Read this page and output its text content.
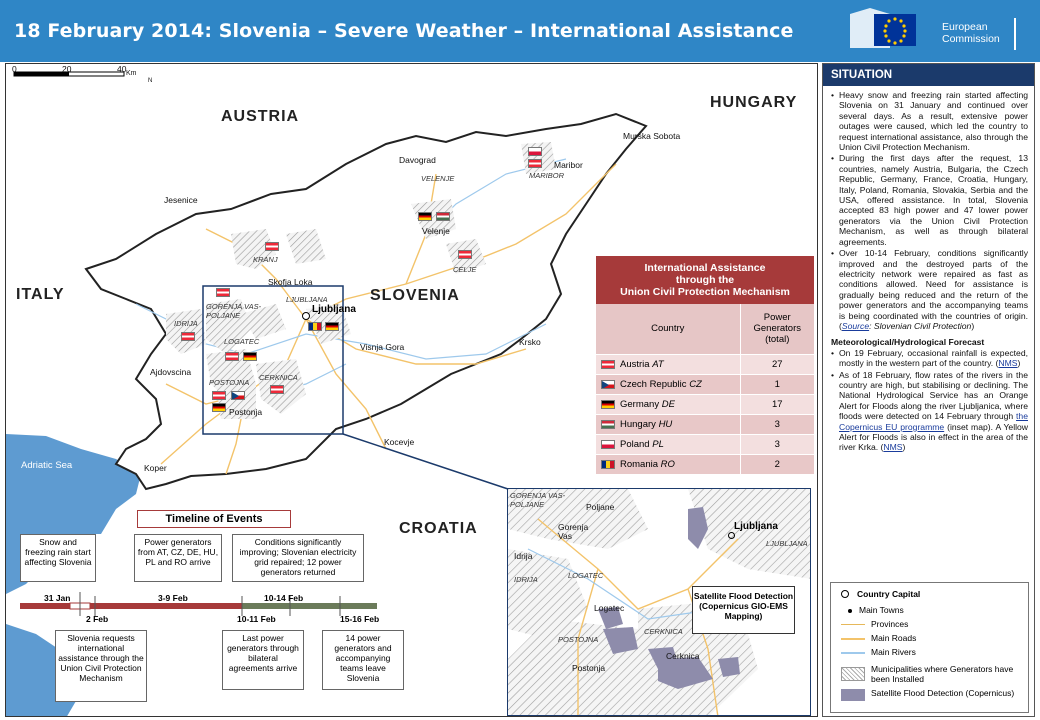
18 February 2014: Slovenia – Severe Weather – International Assistance	European
Commission
0	20	40 Km
N
AUSTRIA
HUNGARY
ITALY
CROATIA
SLOVENIA
Adriatic Sea
Ljubljana
Murska Sobota
Maribor
Davograd
Jesenice
Velenje
Skofja Loka
Visnja Gora	Krsko
Ajdovscina
Postonja
Kocevje
Koper
MARIBOR
VELENJE
KRANJ
CELJE
LJUBLJANA
GORENJA VAS-POLJANE
IDRIJA
LOGATEC
POSTOJNA
CERKNICA
International Assistance
through the
Union Civil Protection Mechanism
Country	Power Generators (total)

Austria AT	27

Czech Republic CZ	1

Germany DE	17

Hungary HU	3

Poland PL	3

Romania RO	2
Timeline of Events
31 Jan
2 Feb
3-9 Feb	10-14 Feb
10-11 Feb	15-16 Feb
Snow and freezing rain start affecting Slovenia
Power generators from AT, CZ, DE, HU, PL and RO arrive
Conditions significantly improving; Slovenian electricity grid repaired; 12 power generators returned
Slovenia requests international assistance through the Union Civil Protection Mechanism
Last power generators through bilateral agreements arrive
14 power generators and accompanying teams leave Slovenia
Poljane
Gorenja Vas
Idrija
Ljubljana
Logatec
Postonja
Cerknica
GORENJA VAS-POLJANE
LJUBLJANA
IDRIJA	LOGATEC
POSTOJNA
CERKNICA
Satellite Flood Detection (Copernicus GIO-EMS Mapping)
SITUATION
• Heavy snow and freezing rain started affecting Slovenia on 31 January and continued over several days. As a result, extensive power outages were caused, which led the country to request international assistance, also through the Union Civil Protection Mechanism.
• During the first days after the request, 13 countries, namely Austria, Bulgaria, the Czech Republic, Germany, France, Croatia, Hungary, Italy, Poland, Romania, Slovakia, Serbia and the USA, offered assistance. In total, Slovenia accepted 83 high power and 47 lower power generators via the Union Civil Protection Mechanism, as well as through bilateral agreements.
• Over 10-14 February, conditions significantly improved and the destroyed parts of the electricity network were repaired as fast as conditions allowed. Need for assistance is gradually being reduced and the return of the power generators and the accompanying teams is being coordinated with the countries of origin. (Source: Slovenian Civil Protection)
Meteorological/Hydrological Forecast
• On 19 February, occasional rainfall is expected, mostly in the western part of the country. (NMS)
• As of 18 February, flow rates of the rivers in the country are high, but stabilising or declining. The National Hydrological Service has an Orange Alert for Floods along the river Ljubljanica, where floods were detected on 14 February through the Copernicus EU programme (inset map). A Yellow Alert for Floods is also in effect in the area of the river Krka. (NMS)
Country Capital
Main Towns
Provinces
Main Roads
Main Rivers
Municipalities where Generators have been Installed
Satellite Flood Detection (Copernicus)
